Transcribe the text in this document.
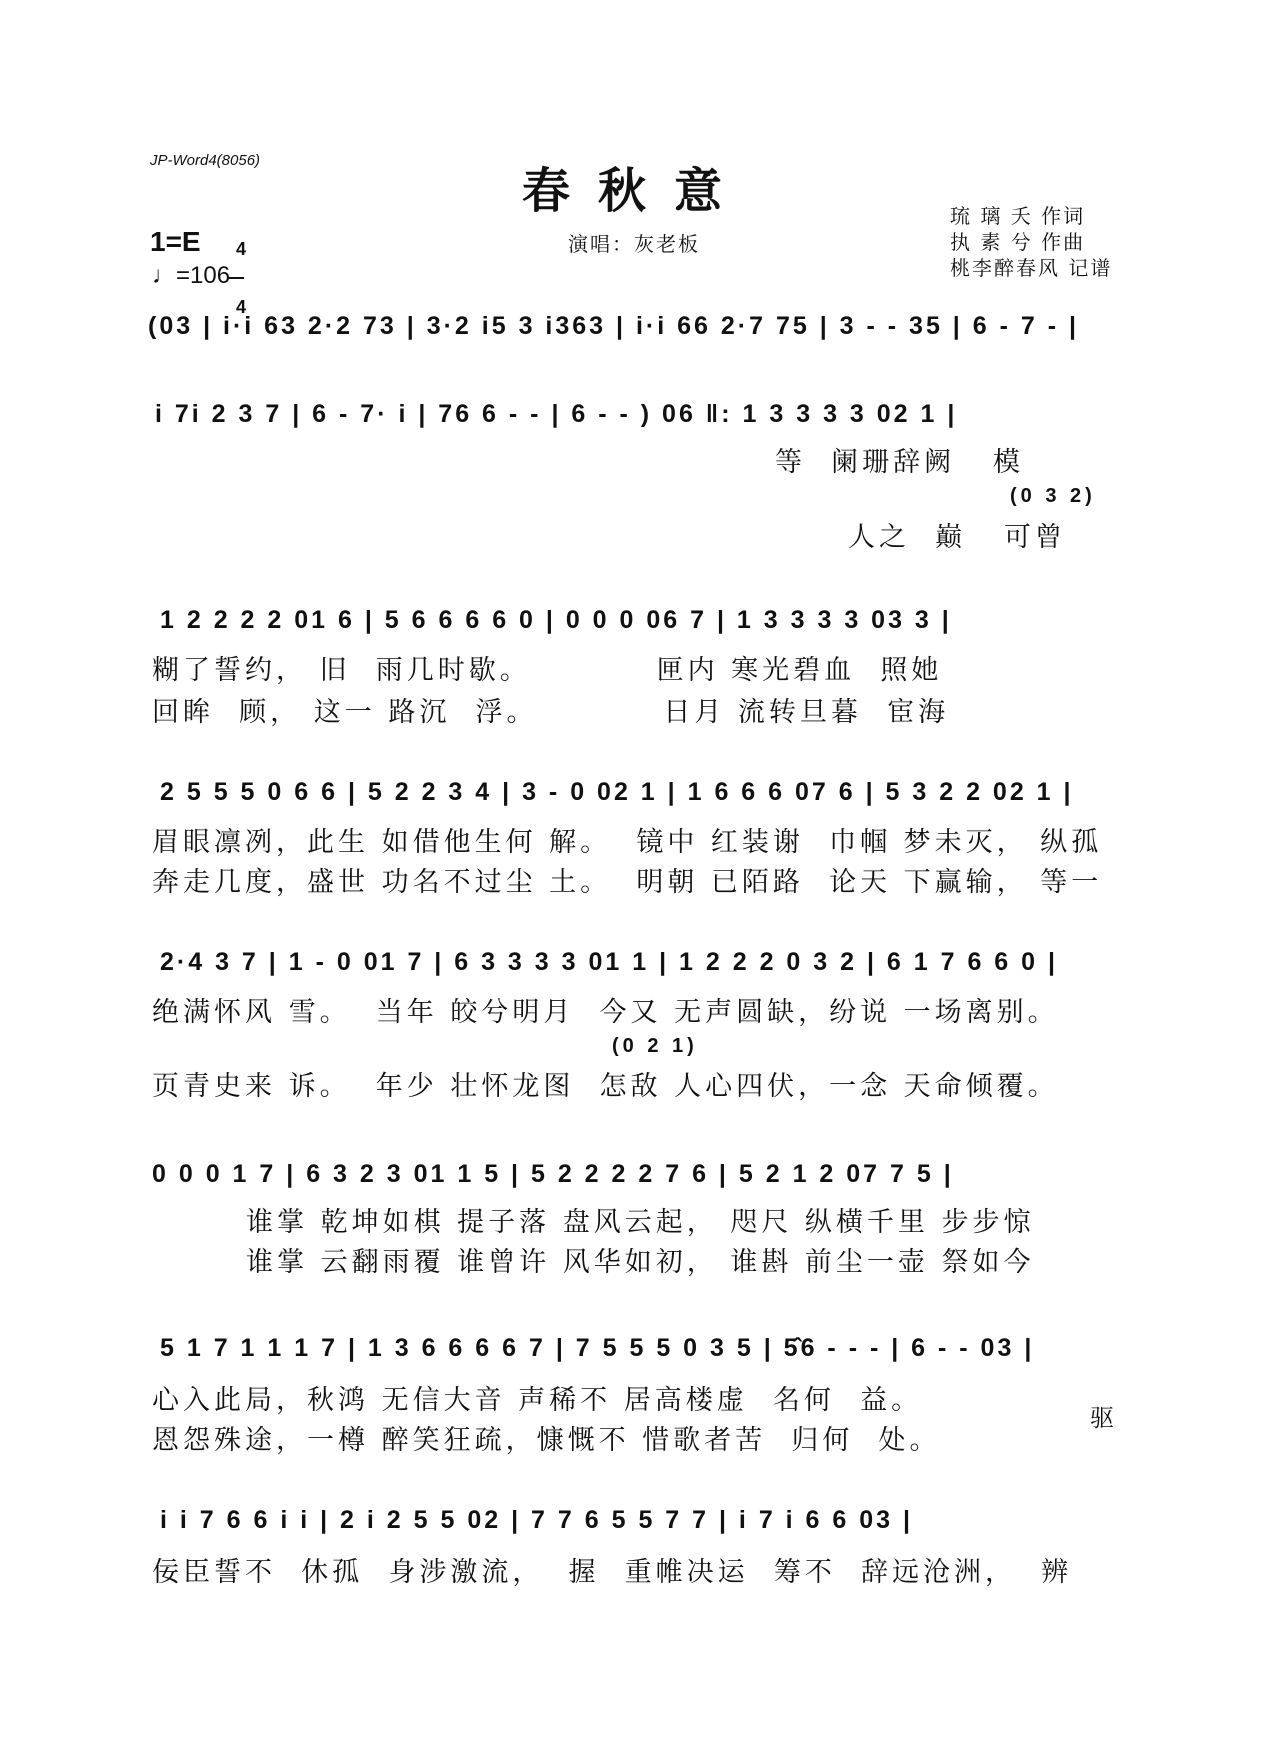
JP-Word4(8056)
春秋意
演唱：灰老板
琉 璃 夭 作词
执 素 兮 作曲
桃李醉春风 记谱
1=E	4

4

♩=106
(03 | i·i 63 2·2 73 | 3·2 i5 3 i363 | i·i 66 2·7 75 | 3 - - 35 | 6 - 7 - |
i 7i 2 3 7 | 6 - 7· i | 76 6 - - | 6 - - ) 06 ‖: 1 3 3 3 3 02 1 |
等  阑珊辞阙   模
(0 3 2)
人之  巅   可曾
1 2 2 2 2 01 6 | 5 6 6 6 6 0 | 0 0 0 06 7 | 1 3 3 3 3 03 3 |
糊了誓约， 旧  雨几时歇。          匣内 寒光碧血  照她
回眸  顾， 这一 路沉  浮。          日月 流转旦暮  宦海
2 5 5 5 0 6 6 | 5 2 2 3 4 | 3 - 0 02 1 | 1 6 6 6 07 6 | 5 3 2 2 02 1 |
眉眼凛冽，此生 如借他生何 解。  镜中 红装谢  巾帼 梦未灭， 纵孤
奔走几度，盛世 功名不过尘 土。  明朝 已陌路  论天 下赢输， 等一
2·4 3 7 | 1 - 0 01 7 | 6 3 3 3 3 01 1 | 1 2 2 2 0 3 2 | 6 1 7 6 6 0 |
绝满怀风 雪。  当年 皎兮明月  今又 无声圆缺，纷说 一场离别。
(0 2 1)
页青史来 诉。  年少 壮怀龙图  怎敌 人心四伏，一念 天命倾覆。
0 0 0 1 7 | 6 3 2 3 01 1 5 | 5 2 2 2 2 7 6 | 5 2 1 2 07 7 5 |
谁掌 乾坤如棋 提子落 盘风云起， 咫尺 纵横千里 步步惊
谁掌 云翻雨覆 谁曾许 风华如初， 谁斟 前尘一壶 祭如今
5 1 7 1 1 1 7 | 1 3 6 6 6 6 7 | 7 5 5 5 0 3 5 | 5̂6 - - - | 6 - - 03 |
心入此局，秋鸿 无信大音 声稀不 居高楼虚  名何  益。
恩怨殊途，一樽 醉笑狂疏，慷慨不 惜歌者苦  归何  处。
驱
i i 7 6 6 i i | 2 i 2 5 5 02 | 7 7 6 5 5 7 7 | i 7 i 6 6 03 |
佞臣誓不  休孤  身涉激流，  握  重帷决运  筹不  辞远沧洲，  辨
